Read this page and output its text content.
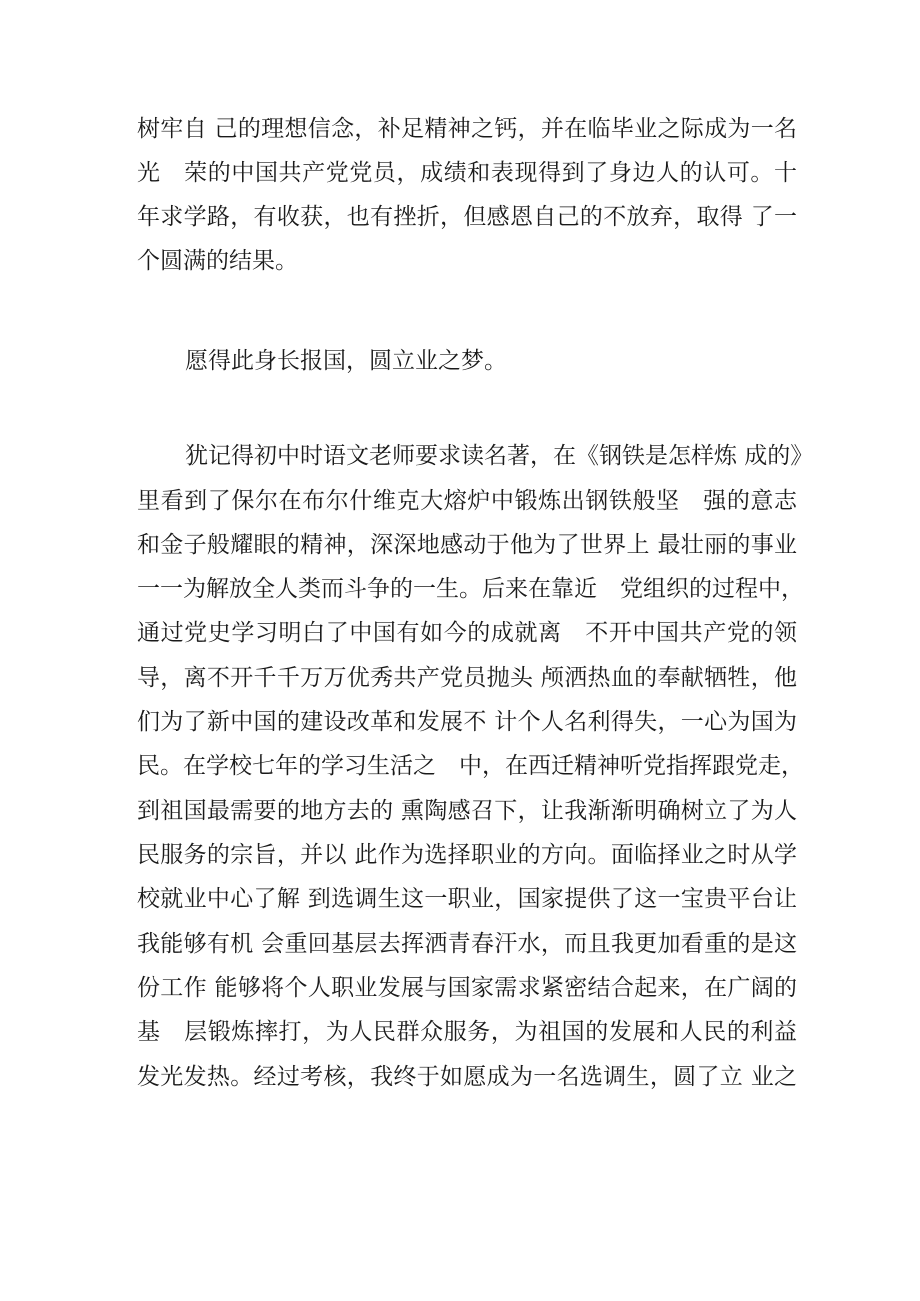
树牢自 己的理想信念，补足精神之钙，并在临毕业之际成为一名
光　荣的中国共产党党员，成绩和表现得到了身边人的认可。十
年求学路，有收获，也有挫折，但感恩自己的不放弃，取得 了一
个圆满的结果。
愿得此身长报国，圆立业之梦。
犹记得初中时语文老师要求读名著，在《钢铁是怎样炼 成的》
里看到了保尔在布尔什维克大熔炉中锻炼出钢铁般坚　强的意志
和金子般耀眼的精神，深深地感动于他为了世界上 最壮丽的事业
一一为解放全人类而斗争的一生。后来在靠近　党组织的过程中，
通过党史学习明白了中国有如今的成就离　不开中国共产党的领
导，离不开千千万万优秀共产党员抛头 颅洒热血的奉献牺牲，他
们为了新中国的建设改革和发展不 计个人名利得失，一心为国为
民。在学校七年的学习生活之　中，在西迁精神听党指挥跟党走，
到祖国最需要的地方去的 熏陶感召下，让我渐渐明确树立了为人
民服务的宗旨，并以 此作为选择职业的方向。面临择业之时从学
校就业中心了解 到选调生这一职业，国家提供了这一宝贵平台让
我能够有机 会重回基层去挥洒青春汗水，而且我更加看重的是这
份工作 能够将个人职业发展与国家需求紧密结合起来，在广阔的
基　层锻炼摔打，为人民群众服务，为祖国的发展和人民的利益
发光发热。经过考核，我终于如愿成为一名选调生，圆了立 业之
